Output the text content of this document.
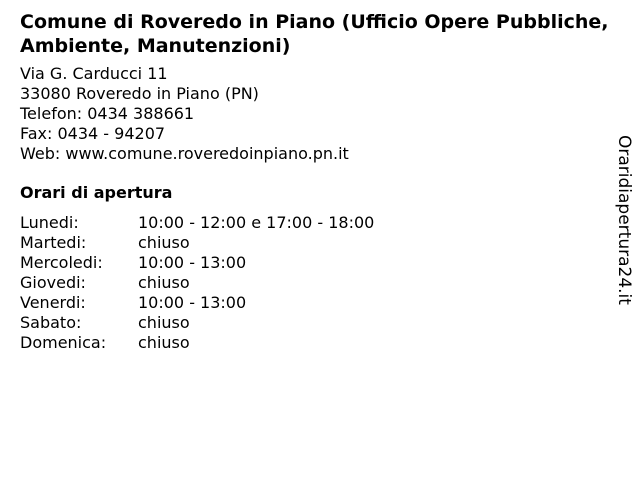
Comune di Roveredo in Piano (Ufficio Opere Pubbliche, Ambiente, Manutenzioni)
Via G. Carducci 11
33080 Roveredo in Piano (PN)
Telefon: 0434 388661
Fax: 0434 - 94207
Web: www.comune.roveredoinpiano.pn.it
Orari di apertura
Lunedi:	10:00 - 12:00 e 17:00 - 18:00
Martedi:	chiuso
Mercoledi:	10:00 - 13:00
Giovedi:	chiuso
Venerdi:	10:00 - 13:00
Sabato:	chiuso
Domenica:	chiuso
Oraridiapertura24.it
